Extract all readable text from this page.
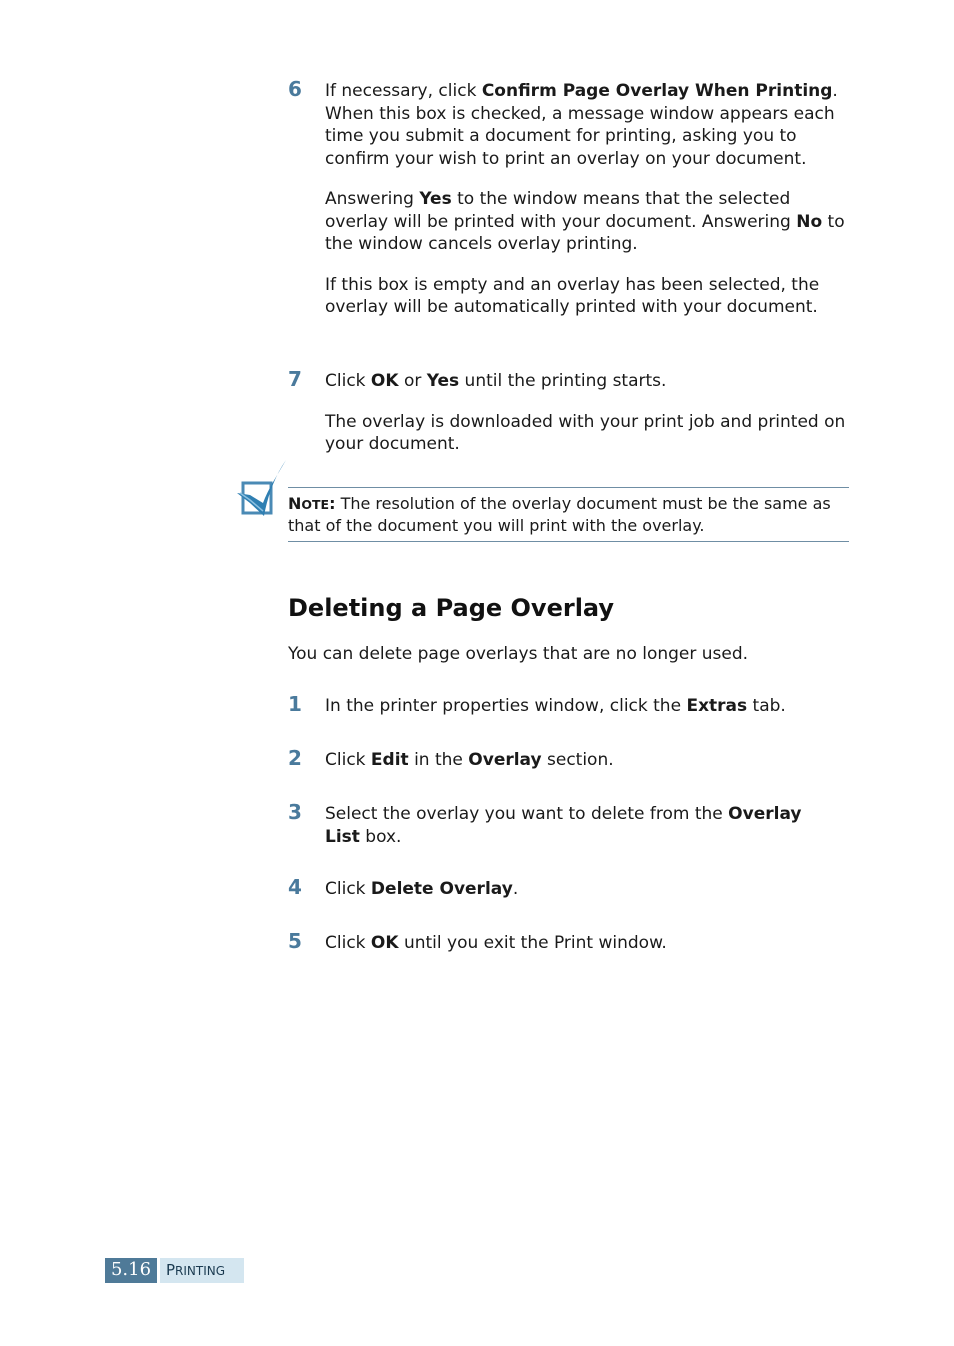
6 If necessary, click Confirm Page Overlay When Printing. When this box is checked, a message window appears each time you submit a document for printing, asking you to confirm your wish to print an overlay on your document.

Answering Yes to the window means that the selected overlay will be printed with your document. Answering No to the window cancels overlay printing.

If this box is empty and an overlay has been selected, the overlay will be automatically printed with your document.

7 Click OK or Yes until the printing starts.

The overlay is downloaded with your print job and printed on your document.

NOTE: The resolution of the overlay document must be the same as that of the document you will print with the overlay.
Deleting a Page Overlay
You can delete page overlays that are no longer used.
1 In the printer properties window, click the Extras tab.

2 Click Edit in the Overlay section.

3 Select the overlay you want to delete from the Overlay List box.

4 Click Delete Overlay.

5 Click OK until you exit the Print window.

5.16 PRINTING
